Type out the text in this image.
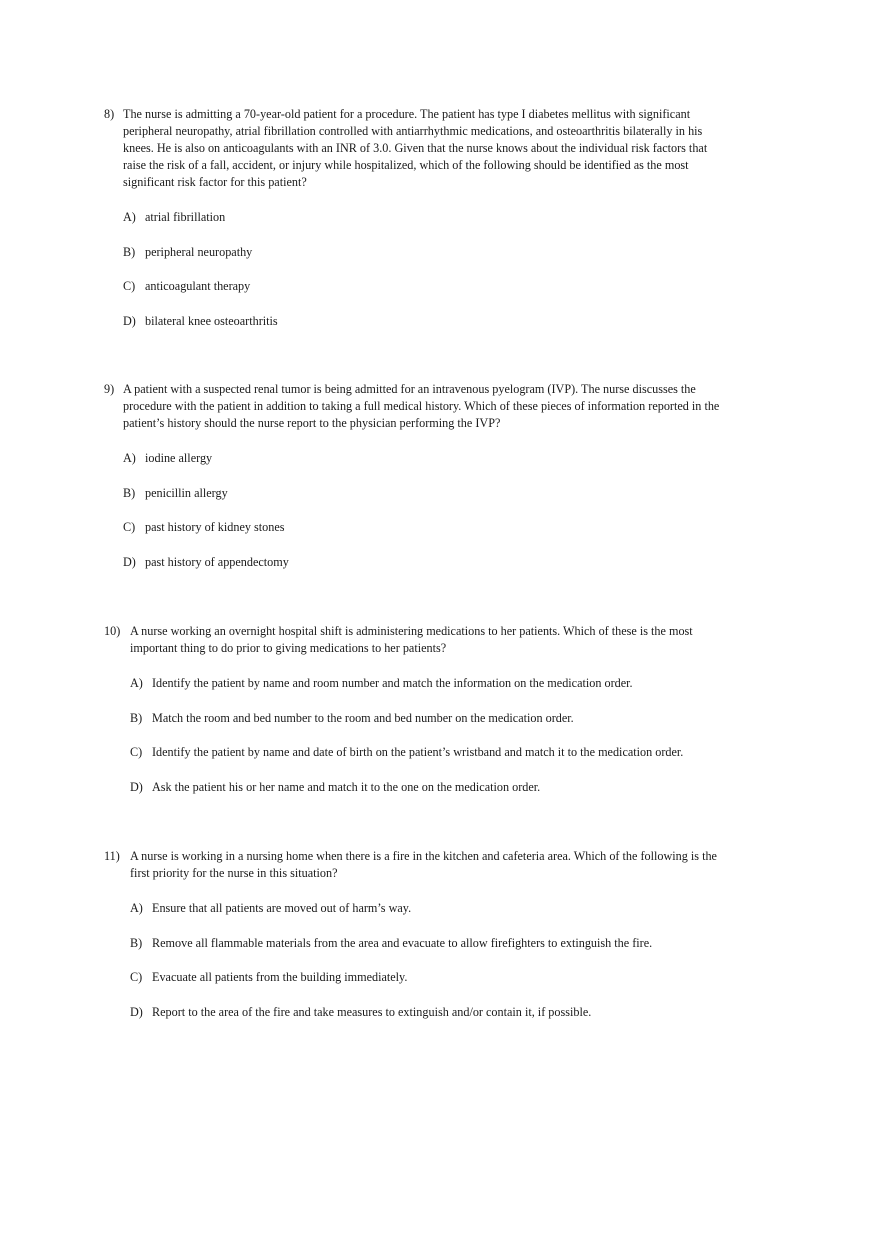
8) The nurse is admitting a 70-year-old patient for a procedure. The patient has type I diabetes mellitus with significant peripheral neuropathy, atrial fibrillation controlled with antiarrhythmic medications, and osteoarthritis bilaterally in his knees. He is also on anticoagulants with an INR of 3.0. Given that the nurse knows about the individual risk factors that raise the risk of a fall, accident, or injury while hospitalized, which of the following should be identified as the most significant risk factor for this patient?
A) atrial fibrillation
B) peripheral neuropathy
C) anticoagulant therapy
D) bilateral knee osteoarthritis
9) A patient with a suspected renal tumor is being admitted for an intravenous pyelogram (IVP). The nurse discusses the procedure with the patient in addition to taking a full medical history. Which of these pieces of information reported in the patient’s history should the nurse report to the physician performing the IVP?
A) iodine allergy
B) penicillin allergy
C) past history of kidney stones
D) past history of appendectomy
10) A nurse working an overnight hospital shift is administering medications to her patients. Which of these is the most important thing to do prior to giving medications to her patients?
A) Identify the patient by name and room number and match the information on the medication order.
B) Match the room and bed number to the room and bed number on the medication order.
C) Identify the patient by name and date of birth on the patient’s wristband and match it to the medication order.
D) Ask the patient his or her name and match it to the one on the medication order.
11) A nurse is working in a nursing home when there is a fire in the kitchen and cafeteria area. Which of the following is the first priority for the nurse in this situation?
A) Ensure that all patients are moved out of harm’s way.
B) Remove all flammable materials from the area and evacuate to allow firefighters to extinguish the fire.
C) Evacuate all patients from the building immediately.
D) Report to the area of the fire and take measures to extinguish and/or contain it, if possible.
